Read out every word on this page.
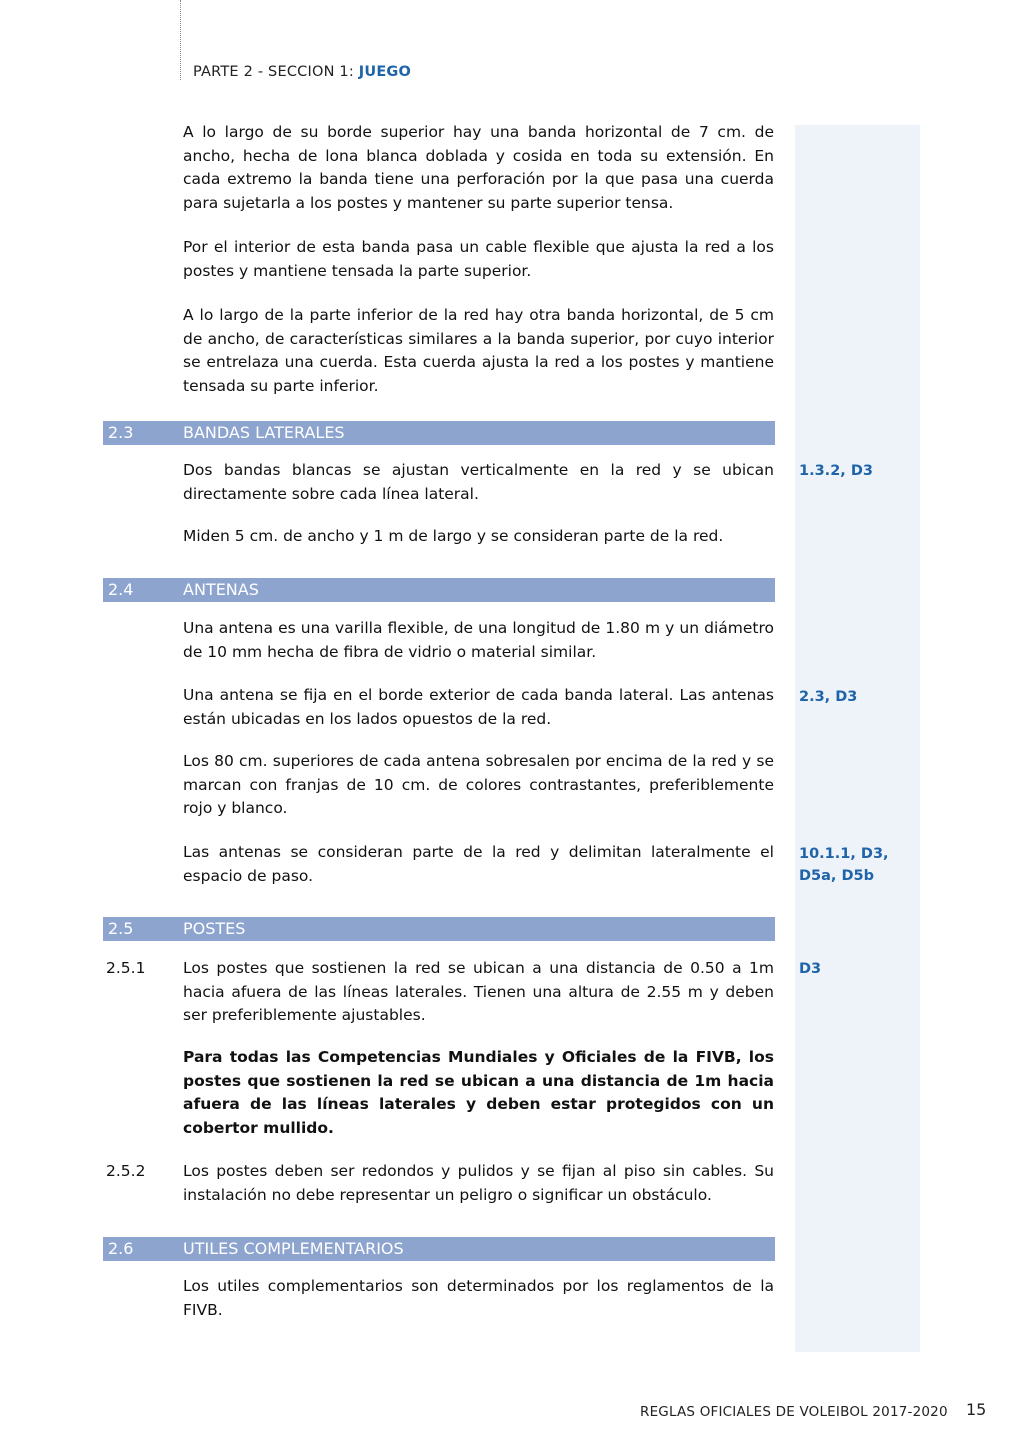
PARTE 2 - SECCION 1: JUEGO
A lo largo de su borde superior hay una banda horizontal de 7 cm. de ancho, hecha de lona blanca doblada y cosida en toda su extensión. En cada extremo la banda tiene una perforación por la que pasa una cuerda para sujetarla a los postes y mantener su parte superior tensa.
Por el interior de esta banda pasa un cable flexible que ajusta la red a los postes y mantiene tensada la parte superior.
A lo largo de la parte inferior de la red hay otra banda horizontal, de 5 cm de ancho, de características similares a la banda superior, por cuyo interior se entrelaza una cuerda. Esta cuerda ajusta la red a los postes y mantiene tensada su parte inferior.
2.3	BANDAS LATERALES
Dos bandas blancas se ajustan verticalmente en la red y se ubican directamente sobre cada línea lateral.
1.3.2, D3
Miden 5 cm. de ancho y 1 m de largo y se consideran parte de la red.
2.4	ANTENAS
Una antena es una varilla flexible, de una longitud de 1.80 m y un diámetro de 10 mm hecha de fibra de vidrio o material similar.
Una antena se fija en el borde exterior de cada banda lateral. Las antenas están ubicadas en los lados opuestos de la red.
2.3, D3
Los 80 cm. superiores de cada antena sobresalen por encima de la red y se marcan con franjas de 10 cm. de colores contrastantes, preferiblemente rojo y blanco.
Las antenas se consideran parte de la red y delimitan lateralmente el espacio de paso.
10.1.1, D3,
D5a, D5b
2.5	POSTES
2.5.1 Los postes que sostienen la red se ubican a una distancia de 0.50 a 1m hacia afuera de las líneas laterales. Tienen una altura de 2.55 m y deben ser preferiblemente ajustables.
D3
Para todas las Competencias Mundiales y Oficiales de la FIVB, los postes que sostienen la red se ubican a una distancia de 1m hacia afuera de las líneas laterales y deben estar protegidos con un cobertor mullido.
2.5.2 Los postes deben ser redondos y pulidos y se fijan al piso sin cables. Su instalación no debe representar un peligro o significar un obstáculo.
2.6	UTILES COMPLEMENTARIOS
Los utiles complementarios son determinados por los reglamentos de la FIVB.
REGLAS OFICIALES DE VOLEIBOL 2017-2020 15
